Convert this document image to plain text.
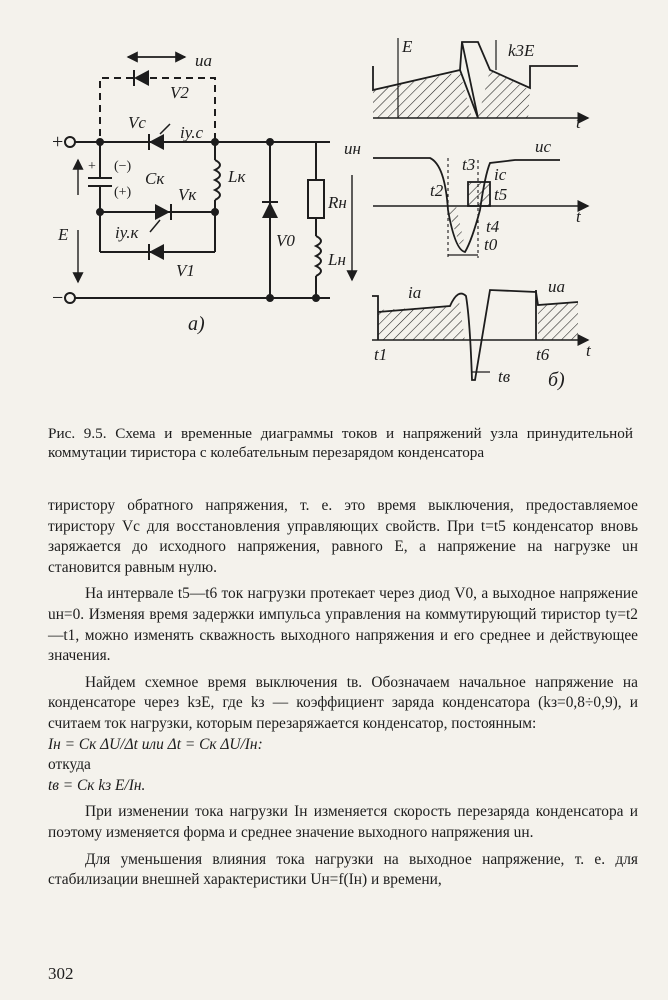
uа
V2
Vс
iу.с
(−)
(+)
+
Cк	Lк
Vк
iу.к
V1
V0
Rн
Lн
uн
E
+
−
а)
E	k3E
t
uс
t3
iс
t2	t5
t
t4
t0
iа	uа
t1	t6 t
tв б)
Рис. 9.5. Схема и временные диаграммы токов и напряжений узла принудительной коммутации тиристора с колебательным перезарядом конденсатора

тиристору обратного напряжения, т. е. это время выключения, предоставляемое тиристору Vс для восстановления управляющих свойств. При t=t5 конденсатор вновь заряжается до исходного напряжения, равного E, а напряжение на нагрузке uн становится равным нулю.

На интервале t5—t6 ток нагрузки протекает через диод V0, а выходное напряжение uн=0. Изменяя время задержки импульса управления на коммутирующий тиристор tу=t2—t1, можно изменять скважность выходного напряжения и его среднее и действующее значения.

Найдем схемное время выключения tв. Обозначаем начальное напряжение на конденсаторе через kзE, где kз — коэффициент заряда конденсатора (kз=0,8÷0,9), и считаем ток нагрузки, которым перезаряжается конденсатор, постоянным:

Iн = Cк ΔU/Δt или Δt = Cк ΔU/Iн:

откуда

tв = Cк kз E/Iн.

При изменении тока нагрузки Iн изменяется скорость перезаряда конденсатора и поэтому изменяется форма и среднее значение выходного напряжения uн.

Для уменьшения влияния тока нагрузки на выходное напряжение, т. е. для стабилизации внешней характеристики Uн=f(Iн) и времени,

302
